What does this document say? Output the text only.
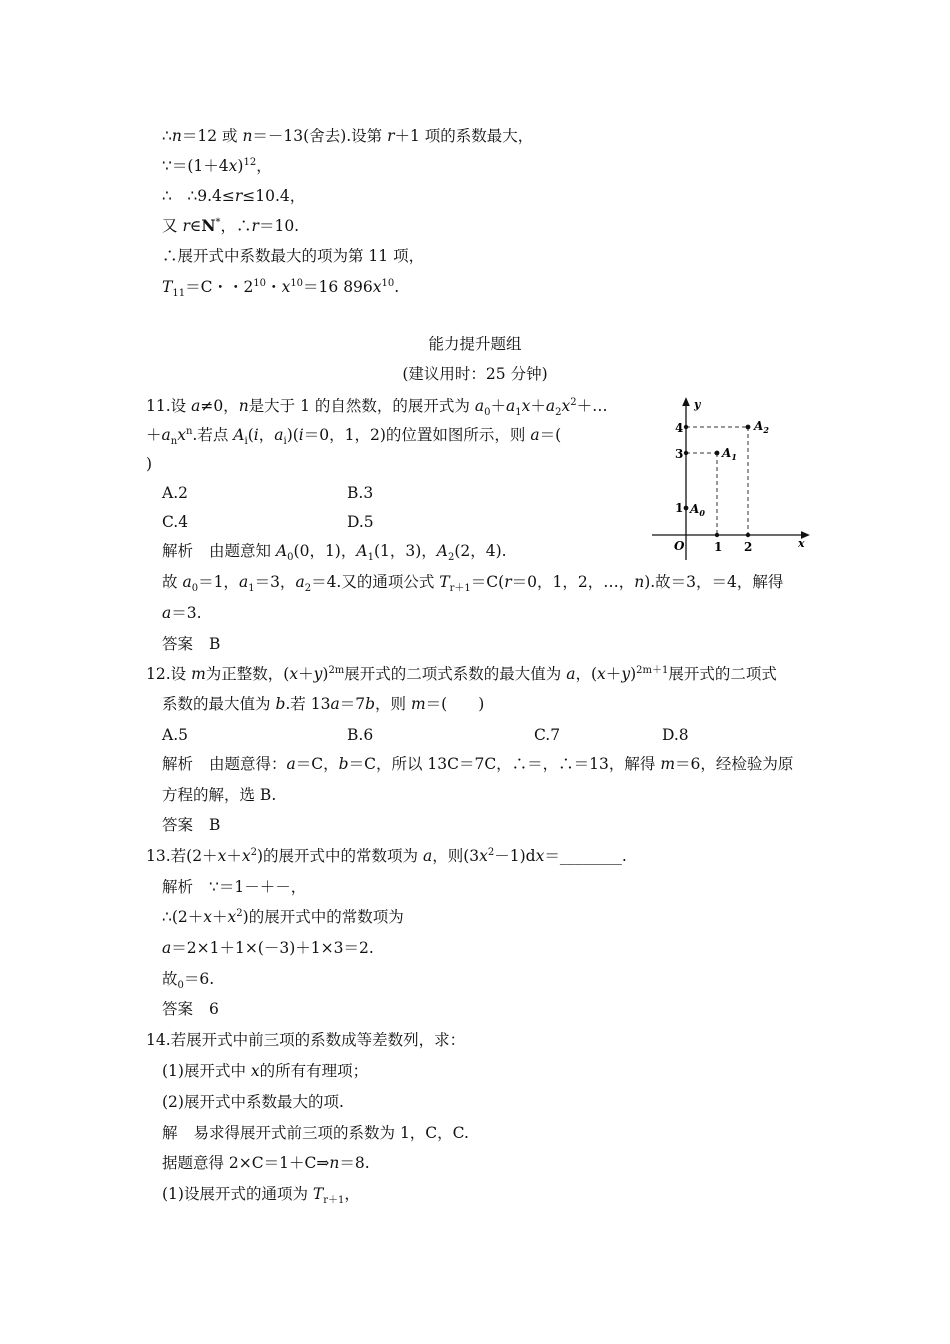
∴n＝12 或 n＝－13(舍去).设第 r＋1 项的系数最大，
$\because=(1+4x)^{12}$，
∴　∴9.4≤r≤10.4，
又 r∈N*，∴r＝10.
∴展开式中系数最大的项为第 11 项，
$T_{11}=C$・・$2^{10}$・$x^{10}=16$ $896x^{10}$.
能力提升题组
(建议用时：25 分钟)
11.设 a≠0，n是大于 1 的自然数，的展开式为 $a_0+a_1x+a_2x^2+\dots$
$+a_nx^n$.若点 $A_i(i$，$a_i)(i=0$，1，2)的位置如图所示，则 a＝(
)
A.2	B.3
C.4	D.5
解析 由题意知 $A_0(0$，1)，$A_1(1$，3)，$A_2(2$，4).
故 $a_0=1$，$a_1=3$，$a_2=4$.又的通项公式 $T_{r+1}=C(r=0$，1，2，…，n).故＝3，＝4，解得
a＝3.
答案 B
y
x
O
4
3
1
1 2
$A_0$
$A_1$
$A_2$
12.设 m为正整数，$(x+y)^{2m}$展开式的二项式系数的最大值为 a，$(x+y)^{2m+1}$展开式的二项式
系数的最大值为 b.若 13a＝7b，则 m＝(　　)
A.5	B.6	C.7	D.8
解析 由题意得：a＝C，b＝C，所以 13C＝7C，∴＝，∴＝13，解得 m＝6，经检验为原
方程的解，选 B.
答案 B
13.若$(2+x+x^2)$的展开式中的常数项为 a，则$(3x^2-1)dx=\_\_\_\_\_\_\_\_$.
解析 ∵＝1－＋－，
$\therefore(2+x+x^2)$的展开式中的常数项为
a＝2×1＋1×(－3)＋1×3＝2.
故$_0$＝6.
答案 6
14.若展开式中前三项的系数成等差数列，求：
(1)展开式中 x的所有有理项；
(2)展开式中系数最大的项.
解 易求得展开式前三项的系数为 1，C，C.
据题意得 2×C＝1＋C⇒n＝8.
(1)设展开式的通项为 $T_{r+1}$，
